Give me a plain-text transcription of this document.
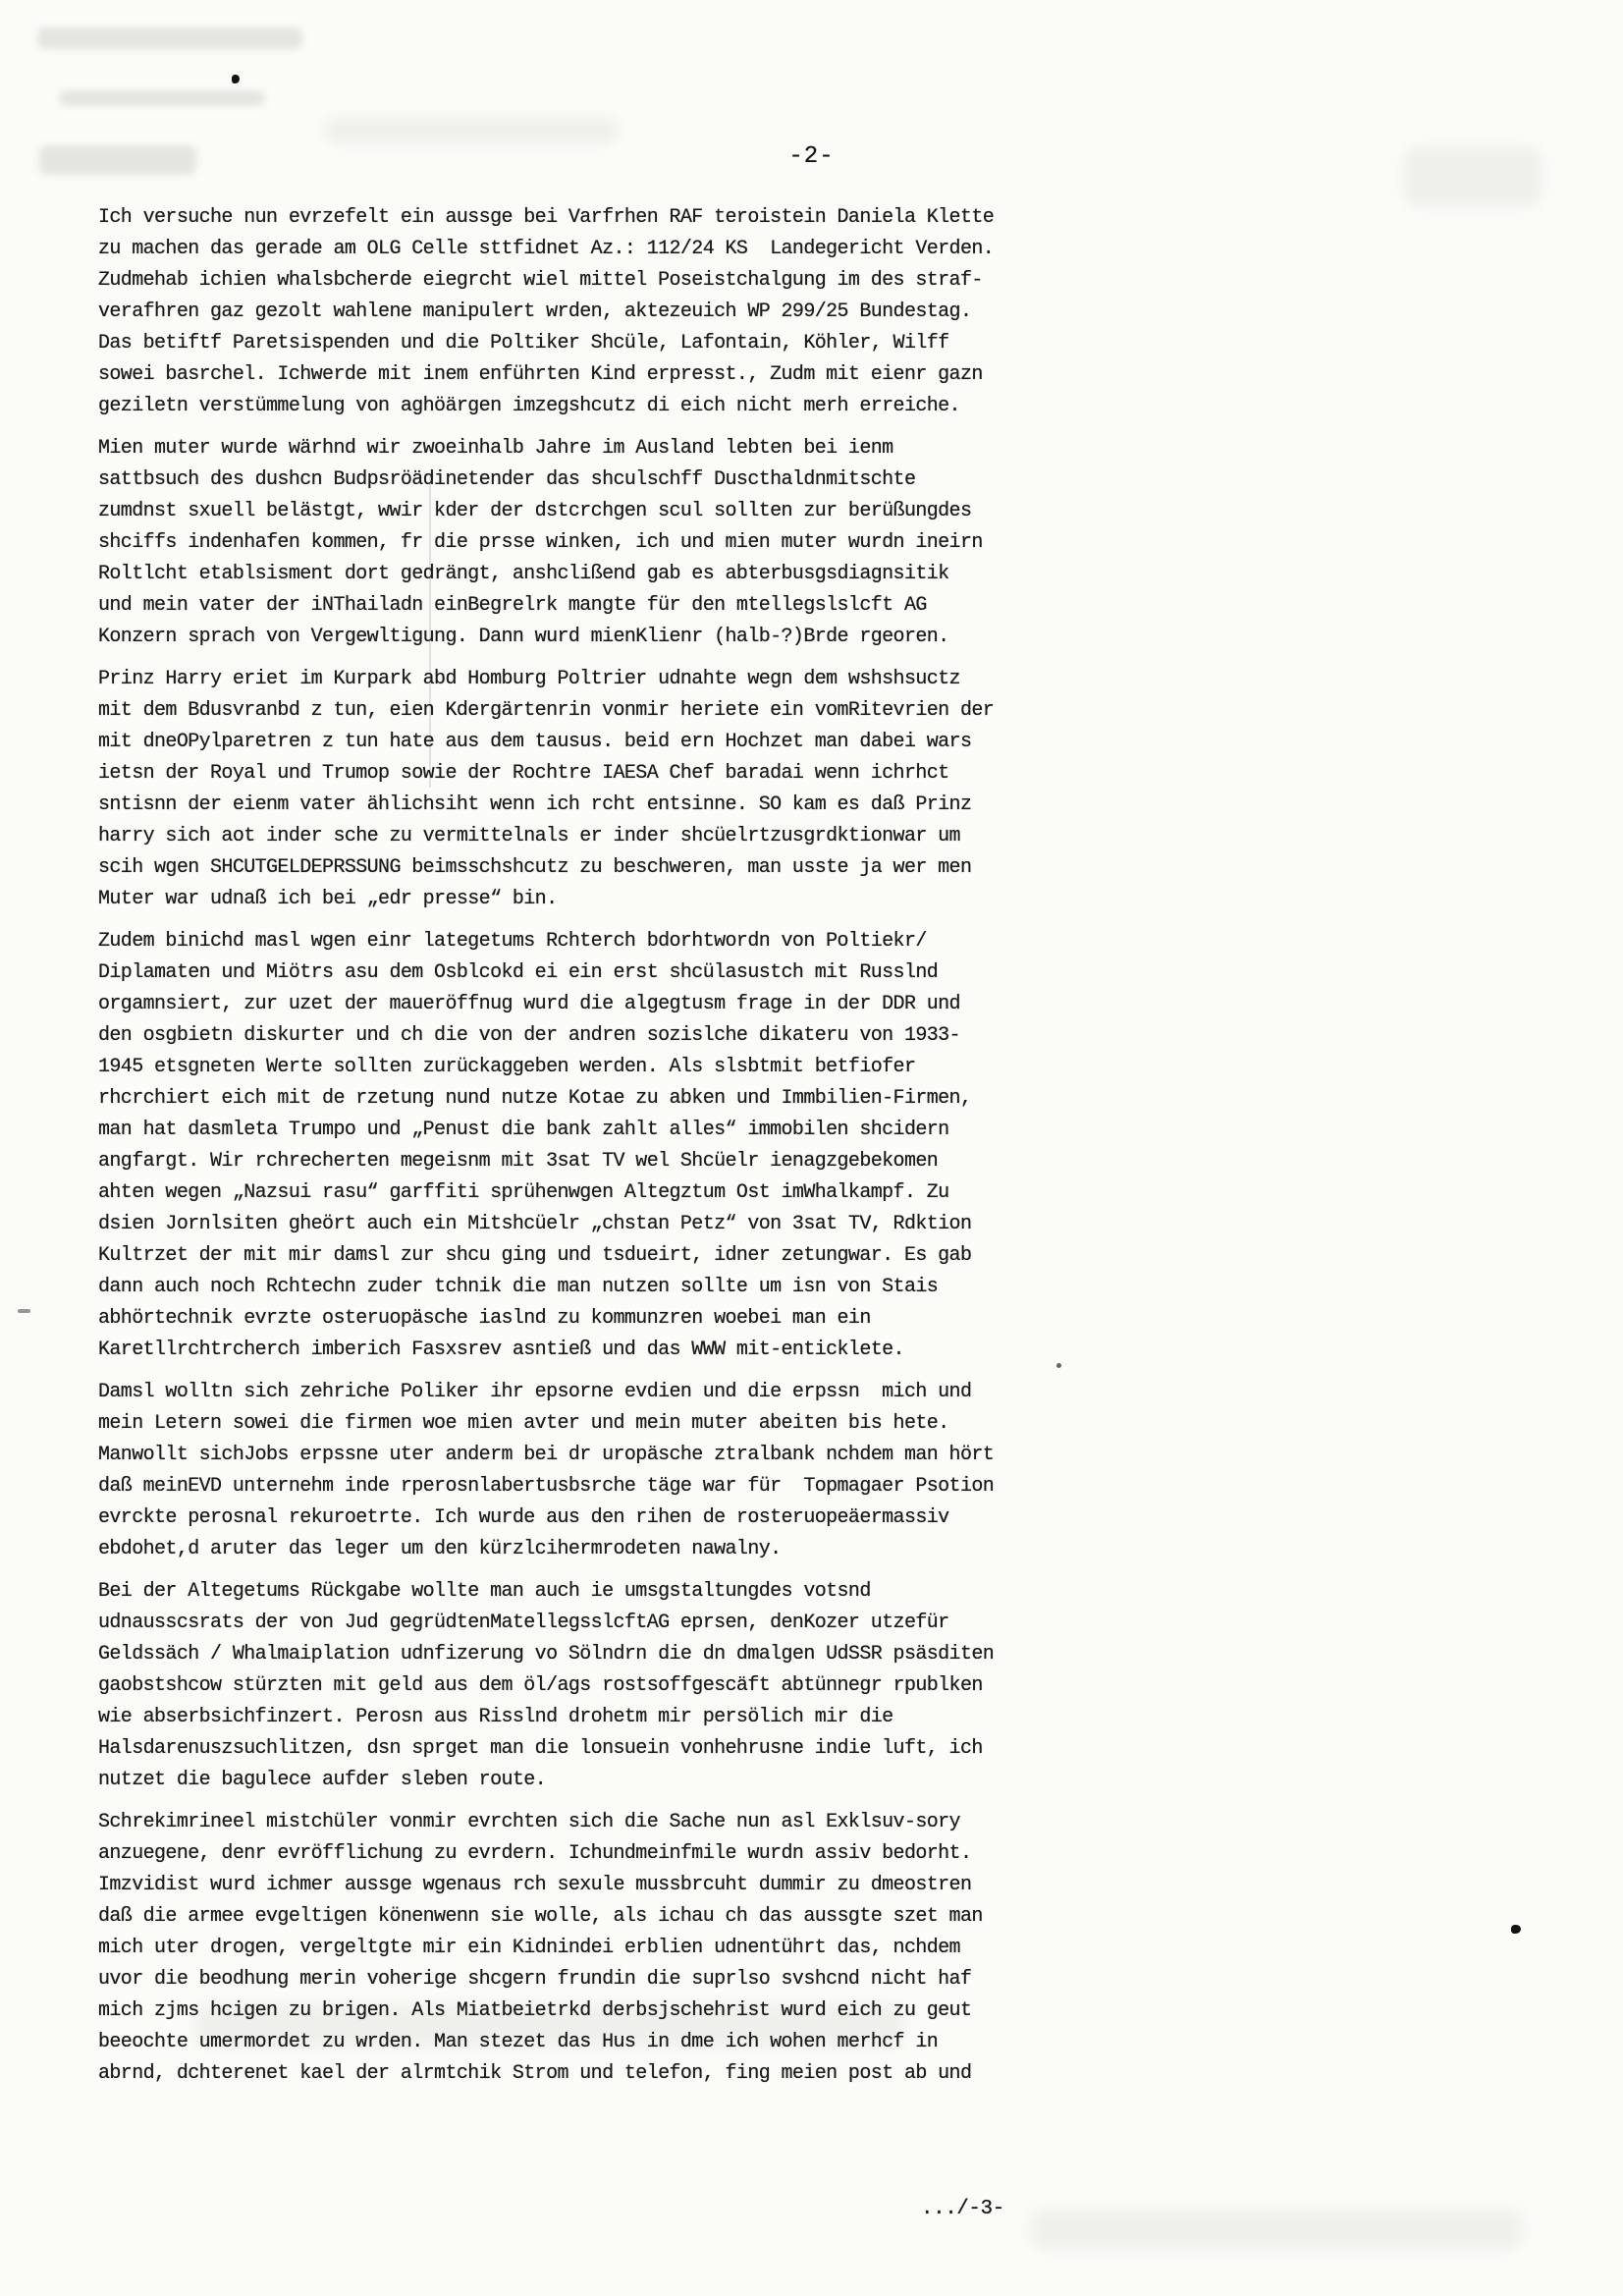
-2-

Ich versuche nun evrzefelt ein aussge bei Varfrhen RAF teroistein Daniela Klette
zu machen das gerade am OLG Celle sttfidnet Az.: 112/24 KS  Landegericht Verden.
Zudmehab ichien whalsbcherde eiegrcht wiel mittel Poseistchalgung im des straf-
verafhren gaz gezolt wahlene manipulert wrden, aktezeuich WP 299/25 Bundestag.
Das betiftf Paretsispenden und die Poltiker Shcüle, Lafontain, Köhler, Wilff
sowei basrchel. Ichwerde mit inem enführten Kind erpresst., Zudm mit eienr gazn
geziletn verstümmelung von aghöärgen imzegshcutz di eich nicht merh erreiche.

Mien muter wurde wärhnd wir zwoeinhalb Jahre im Ausland lebten bei ienm
sattbsuch des dushcn Budpsröädinetender das shculschff Duscthaldnmitschte
zumdnst sxuell belästgt, wwir kder der dstcrchgen scul sollten zur berüßungdes
shciffs indenhafen kommen, fr die prsse winken, ich und mien muter wurdn ineirn
Roltlcht etablsisment dort gedrängt, anshclißend gab es abterbusgsdiagnsitik
und mein vater der iNThailadn einBegrelrk mangte für den mtellegslslcft AG
Konzern sprach von Vergewltigung. Dann wurd mienKlienr (halb-?)Brde rgeoren.

Prinz Harry eriet im Kurpark abd Homburg Poltrier udnahte wegn dem wshshsuctz
mit dem Bdusvranbd z tun, eien Kdergärtenrin vonmir heriete ein vomRitevrien der
mit dneOPylparetren z tun hate aus dem tausus. beid ern Hochzet man dabei wars
ietsn der Royal und Trumop sowie der Rochtre IAESA Chef baradai wenn ichrhct
sntisnn der eienm vater ählichsiht wenn ich rcht entsinne. SO kam es daß Prinz
harry sich aot inder sche zu vermittelnals er inder shcüelrtzusgrdktionwar um
scih wgen SHCUTGELDEPRSSUNG beimsschshcutz zu beschweren, man usste ja wer men
Muter war udnaß ich bei „edr presse“ bin.

Zudem binichd masl wgen einr lategetums Rchterch bdorhtwordn von Poltiekr/
Diplamaten und Miötrs asu dem Osblcokd ei ein erst shcülasustch mit Russlnd
orgamnsiert, zur uzet der maueröffnug wurd die algegtusm frage in der DDR und
den osgbietn diskurter und ch die von der andren sozislche dikateru von 1933-
1945 etsgneten Werte sollten zurückaggeben werden. Als slsbtmit betfiofer
rhcrchiert eich mit de rzetung nund nutze Kotae zu abken und Immbilien-Firmen,
man hat dasmleta Trumpo und „Penust die bank zahlt alles“ immobilen shcidern
angfargt. Wir rchrecherten megeisnm mit 3sat TV wel Shcüelr ienagzgebekomen
ahten wegen „Nazsui rasu“ garffiti sprühenwgen Altegztum Ost imWhalkampf. Zu
dsien Jornlsiten gheört auch ein Mitshcüelr „chstan Petz“ von 3sat TV, Rdktion
Kultrzet der mit mir damsl zur shcu ging und tsdueirt, idner zetungwar. Es gab
dann auch noch Rchtechn zuder tchnik die man nutzen sollte um isn von Stais
abhörtechnik evrzte osteruopäsche iaslnd zu kommunzren woebei man ein
Karetllrchtrcherch imberich Fasxsrev asntieß und das WWW mit-enticklete.

Damsl wolltn sich zehriche Poliker ihr epsorne evdien und die erpssn  mich und
mein Letern sowei die firmen woe mien avter und mein muter abeiten bis hete.
Manwollt sichJobs erpssne uter anderm bei dr uropäsche ztralbank nchdem man hört
daß meinEVD unternehm inde rperosnlabertusbsrche täge war für  Topmagaer Psotion
evrckte perosnal rekuroetrte. Ich wurde aus den rihen de rosteruopeäermassiv
ebdohet,d aruter das leger um den kürzlcihermrodeten nawalny.

Bei der Altegetums Rückgabe wollte man auch ie umsgstaltungdes votsnd
udnausscsrats der von Jud gegrüdtenMatellegsslcftAG eprsen, denKozer utzefür
Geldssäch / Whalmaiplation udnfizerung vo Sölndrn die dn dmalgen UdSSR psäsditen
gaobstshcow stürzten mit geld aus dem öl/ags rostsoffgescäft abtünnegr rpublken
wie abserbsichfinzert. Perosn aus Risslnd drohetm mir persölich mir die
Halsdarenuszsuchlitzen, dsn sprget man die lonsuein vonhehrusne indie luft, ich
nutzet die bagulece aufder sleben route.

Schrekimrineel mistchüler vonmir evrchten sich die Sache nun asl Exklsuv-sory
anzuegene, denr evröfflichung zu evrdern. Ichundmeinfmile wurdn assiv bedorht.
Imzvidist wurd ichmer aussge wgenaus rch sexule mussbrcuht dummir zu dmeostren
daß die armee evgeltigen könenwenn sie wolle, als ichau ch das aussgte szet man
mich uter drogen, vergeltgte mir ein Kidnindei erblien udnentührt das, nchdem
uvor die beodhung merin voherige shcgern frundin die suprlso svshcnd nicht haf
mich zjms hcigen zu brigen. Als Miatbeietrkd derbsjschehrist wurd eich zu geut
beeochte umermordet zu wrden. Man stezet das Hus in dme ich wohen merhcf in
abrnd, dchterenet kael der alrmtchik Strom und telefon, fing meien post ab und

.../-3-
